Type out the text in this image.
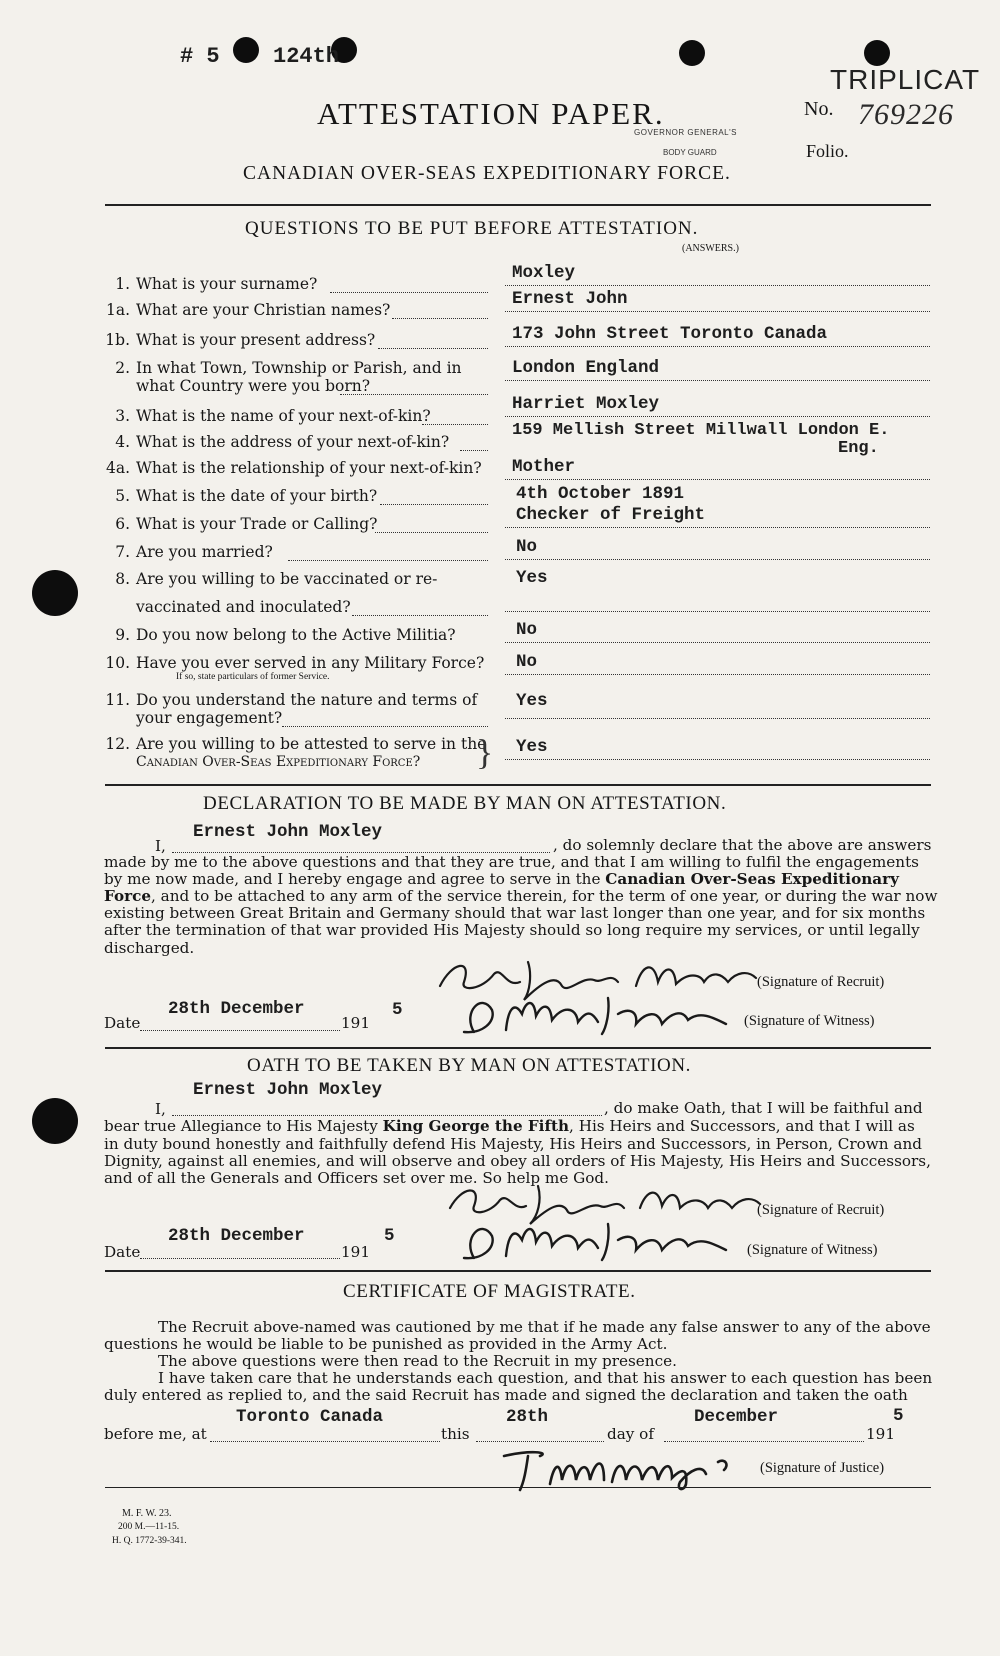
# 5 124th
TRIPLICAT
ATTESTATION PAPER.
GOVERNOR GENERAL'S
BODY GUARD
No. 769226
Folio.
CANADIAN OVER-SEAS EXPEDITIONARY FORCE.
QUESTIONS TO BE PUT BEFORE ATTESTATION.
(ANSWERS.)
1. What is your surname?
Moxley
1a. What are your Christian names?
Ernest John
1b. What is your present address?	173 John Street Toronto Canada
2. In what Town, Township or Parish, and in
what Country were you born?
London England
3. What is the name of your next-of-kin?
Harriet Moxley
4. What is the address of your next-of-kin?
159 Mellish Street Millwall London E.
Eng.
4a. What is the relationship of your next-of-kin? Mother
5. What is the date of your birth?	4th October 1891
6. What is your Trade or Calling?	Checker of Freight
7. Are you married?	No
8. Are you willing to be vaccinated or re-
vaccinated and inoculated?
Yes
9. Do you now belong to the Active Militia?	No
10. Have you ever served in any Military Force?
If so, state particulars of former Service.
No
11. Do you understand the nature and terms of
your engagement?
Yes
12. Are you willing to be attested to serve in the
Canadian Over-Seas Expeditionary Force? } Yes
DECLARATION TO BE MADE BY MAN ON ATTESTATION.
I,
Ernest John Moxley
, do solemnly declare that the above are answers
made by me to the above questions and that they are true, and that I am willing to fulfil the engagements
by me now made, and I hereby engage and agree to serve in the Canadian Over-Seas Expeditionary
Force, and to be attached to any arm of the service therein, for the term of one year, or during the war now
existing between Great Britain and Germany should that war last longer than one year, and for six months
after the termination of that war provided His Majesty should so long require my services, or until legally
discharged.
(Signature of Recruit)
Date
28th December
191
5
(Signature of Witness)
OATH TO BE TAKEN BY MAN ON ATTESTATION.
I,
Ernest John Moxley
, do make Oath, that I will be faithful and
bear true Allegiance to His Majesty King George the Fifth, His Heirs and Successors, and that I will as
in duty bound honestly and faithfully defend His Majesty, His Heirs and Successors, in Person, Crown and
Dignity, against all enemies, and will observe and obey all orders of His Majesty, His Heirs and Successors,
and of all the Generals and Officers set over me. So help me God.
(Signature of Recruit)
Date
28th December
191
5
(Signature of Witness)
CERTIFICATE OF MAGISTRATE.
The Recruit above-named was cautioned by me that if he made any false answer to any of the above
questions he would be liable to be punished as provided in the Army Act.
The above questions were then read to the Recruit in my presence.
I have taken care that he understands each question, and that his answer to each question has been
duly entered as replied to, and the said Recruit has made and signed the declaration and taken the oath
before me, at
Toronto Canada
this
28th
day of
December
191
5
(Signature of Justice)
M. F. W. 23.
200 M.—11-15.
H. Q. 1772-39-341.
